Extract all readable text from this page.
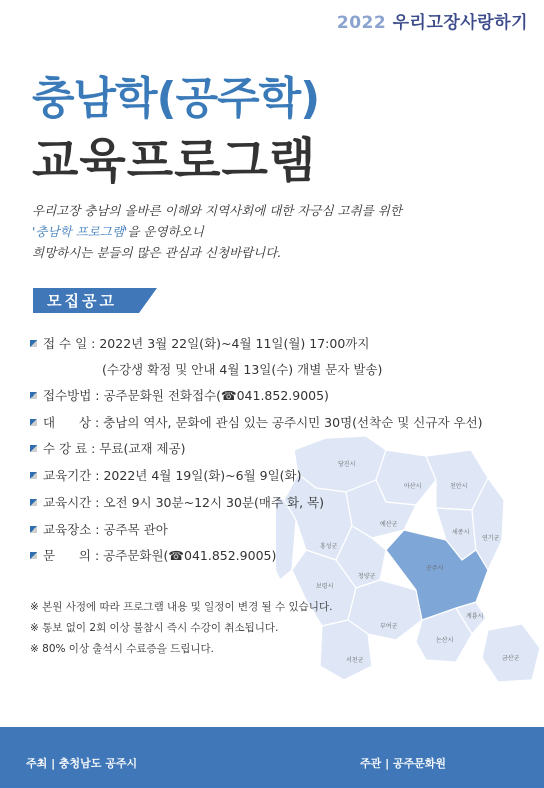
2022 우리고장사랑하기
충남학(공주학)
교육프로그램
우리고장 충남의 올바른 이해와 지역사회에 대한 자긍심 고취를 위한
'충남학 프로그램'을 운영하오니
희망하시는 분들의 많은 관심과 신청바랍니다.
모집공고
당진시
아산시	천안시
예산군
홍성군
공주시
세종시
연기군
청양군
보령시
부여군
계룡시
논산시
서천군	금산군
접 수 일 : 2022년 3월 22일(화)~4월 11일(월) 17:00까지
(수강생 확정 및 안내 4월 13일(수) 개별 문자 발송)
접수방법 : 공주문화원 전화접수(☎041.852.9005)
대      상 : 충남의 역사, 문화에 관심 있는 공주시민 30명(선착순 및 신규자 우선)
수 강 료 : 무료(교재 제공)
교육기간 : 2022년 4월 19일(화)~6월 9일(화)
교육시간 : 오전 9시 30분~12시 30분(매주 화, 목)
교육장소 : 공주목 관아
문      의 : 공주문화원(☎041.852.9005)
※ 본원 사정에 따라 프로그램 내용 및 일정이 변경 될 수 있습니다.
※ 통보 없이 2회 이상 불참시 즉시 수강이 취소됩니다.
※ 80% 이상 출석시 수료증을 드립니다.
주최 | 충청남도 공주시	주관 | 공주문화원
